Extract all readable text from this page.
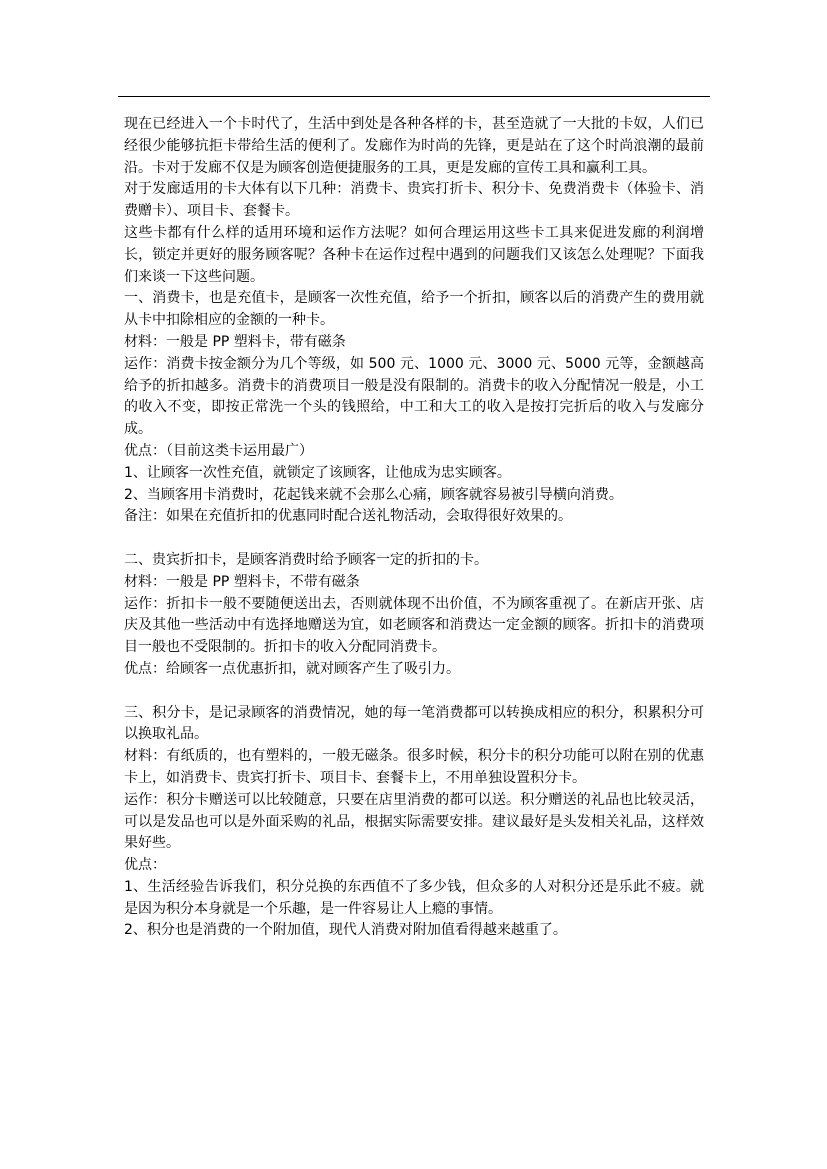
现在已经进入一个卡时代了，生活中到处是各种各样的卡，甚至造就了一大批的卡奴，人们已经很少能够抗拒卡带给生活的便利了。发廊作为时尚的先锋，更是站在了这个时尚浪潮的最前沿。卡对于发廊不仅是为顾客创造便捷服务的工具，更是发廊的宣传工具和赢利工具。

对于发廊适用的卡大体有以下几种：消费卡、贵宾打折卡、积分卡、免费消费卡（体验卡、消费赠卡）、项目卡、套餐卡。

这些卡都有什么样的适用环境和运作方法呢？如何合理运用这些卡工具来促进发廊的利润增长，锁定并更好的服务顾客呢？各种卡在运作过程中遇到的问题我们又该怎么处理呢？下面我们来谈一下这些问题。

一、消费卡，也是充值卡，是顾客一次性充值，给予一个折扣，顾客以后的消费产生的费用就从卡中扣除相应的金额的一种卡。

材料：一般是 PP 塑料卡，带有磁条

运作：消费卡按金额分为几个等级，如 500 元、1000 元、3000 元、5000 元等，金额越高给予的折扣越多。消费卡的消费项目一般是没有限制的。消费卡的收入分配情况一般是，小工的收入不变，即按正常洗一个头的钱照给，中工和大工的收入是按打完折后的收入与发廊分成。

优点：（目前这类卡运用最广）

1、让顾客一次性充值，就锁定了该顾客，让他成为忠实顾客。

2、当顾客用卡消费时，花起钱来就不会那么心痛，顾客就容易被引导横向消费。

备注：如果在充值折扣的优惠同时配合送礼物活动，会取得很好效果的。

二、贵宾折扣卡，是顾客消费时给予顾客一定的折扣的卡。

材料：一般是 PP 塑料卡，不带有磁条

运作：折扣卡一般不要随便送出去，否则就体现不出价值，不为顾客重视了。在新店开张、店庆及其他一些活动中有选择地赠送为宜，如老顾客和消费达一定金额的顾客。折扣卡的消费项目一般也不受限制的。折扣卡的收入分配同消费卡。

优点：给顾客一点优惠折扣，就对顾客产生了吸引力。

三、积分卡，是记录顾客的消费情况，她的每一笔消费都可以转换成相应的积分，积累积分可以换取礼品。

材料：有纸质的，也有塑料的，一般无磁条。很多时候，积分卡的积分功能可以附在别的优惠卡上，如消费卡、贵宾打折卡、项目卡、套餐卡上，不用单独设置积分卡。

运作：积分卡赠送可以比较随意，只要在店里消费的都可以送。积分赠送的礼品也比较灵活，可以是发品也可以是外面采购的礼品，根据实际需要安排。建议最好是头发相关礼品，这样效果好些。

优点：

1、生活经验告诉我们，积分兑换的东西值不了多少钱，但众多的人对积分还是乐此不疲。就是因为积分本身就是一个乐趣，是一件容易让人上瘾的事情。

2、积分也是消费的一个附加值，现代人消费对附加值看得越来越重了。
